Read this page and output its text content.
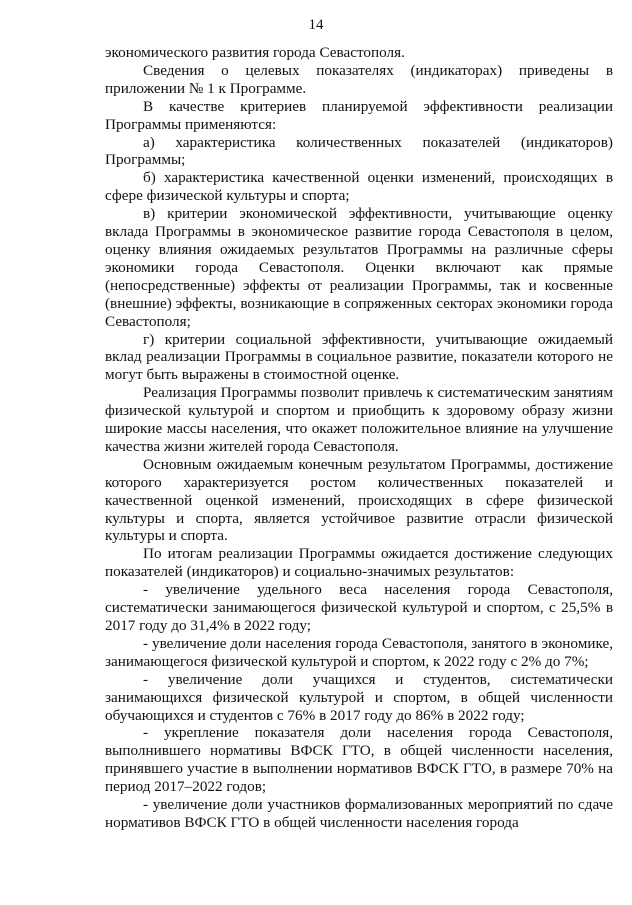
14

экономического развития города Севастополя.

Сведения о целевых показателях (индикаторах) приведены в приложении № 1 к Программе.

В качестве критериев планируемой эффективности реализации Программы применяются:

а) характеристика количественных показателей (индикаторов) Программы;

б) характеристика качественной оценки изменений, происходящих в сфере физической культуры и спорта;

в) критерии экономической эффективности, учитывающие оценку вклада Программы в экономическое развитие города Севастополя в целом, оценку влияния ожидаемых результатов Программы на различные сферы экономики города Севастополя. Оценки включают как прямые (непосредственные) эффекты от реализации Программы, так и косвенные (внешние) эффекты, возникающие в сопряженных секторах экономики города Севастополя;

г) критерии социальной эффективности, учитывающие ожидаемый вклад реализации Программы в социальное развитие, показатели которого не могут быть выражены в стоимостной оценке.

Реализация Программы позволит привлечь к систематическим занятиям физической культурой и спортом и приобщить к здоровому образу жизни широкие массы населения, что окажет положительное влияние на улучшение качества жизни жителей города Севастополя.

Основным ожидаемым конечным результатом Программы, достижение которого характеризуется ростом количественных показателей и качественной оценкой изменений, происходящих в сфере физической культуры и спорта, является устойчивое развитие отрасли физической культуры и спорта.

По итогам реализации Программы ожидается достижение следующих показателей (индикаторов) и социально-значимых результатов:

- увеличение удельного веса населения города Севастополя, систематически занимающегося физической культурой и спортом, с 25,5% в 2017 году до 31,4% в 2022 году;

- увеличение доли населения города Севастополя, занятого в экономике, занимающегося физической культурой и спортом, к 2022 году с 2% до 7%;

- увеличение доли учащихся и студентов, систематически занимающихся физической культурой и спортом, в общей численности обучающихся и студентов с 76% в 2017 году до 86% в 2022 году;

- укрепление показателя доли населения города Севастополя, выполнившего нормативы ВФСК ГТО, в общей численности населения, принявшего участие в выполнении нормативов ВФСК ГТО, в размере 70% на период 2017–2022 годов;

- увеличение доли участников формализованных мероприятий по сдаче нормативов ВФСК ГТО в общей численности населения города
